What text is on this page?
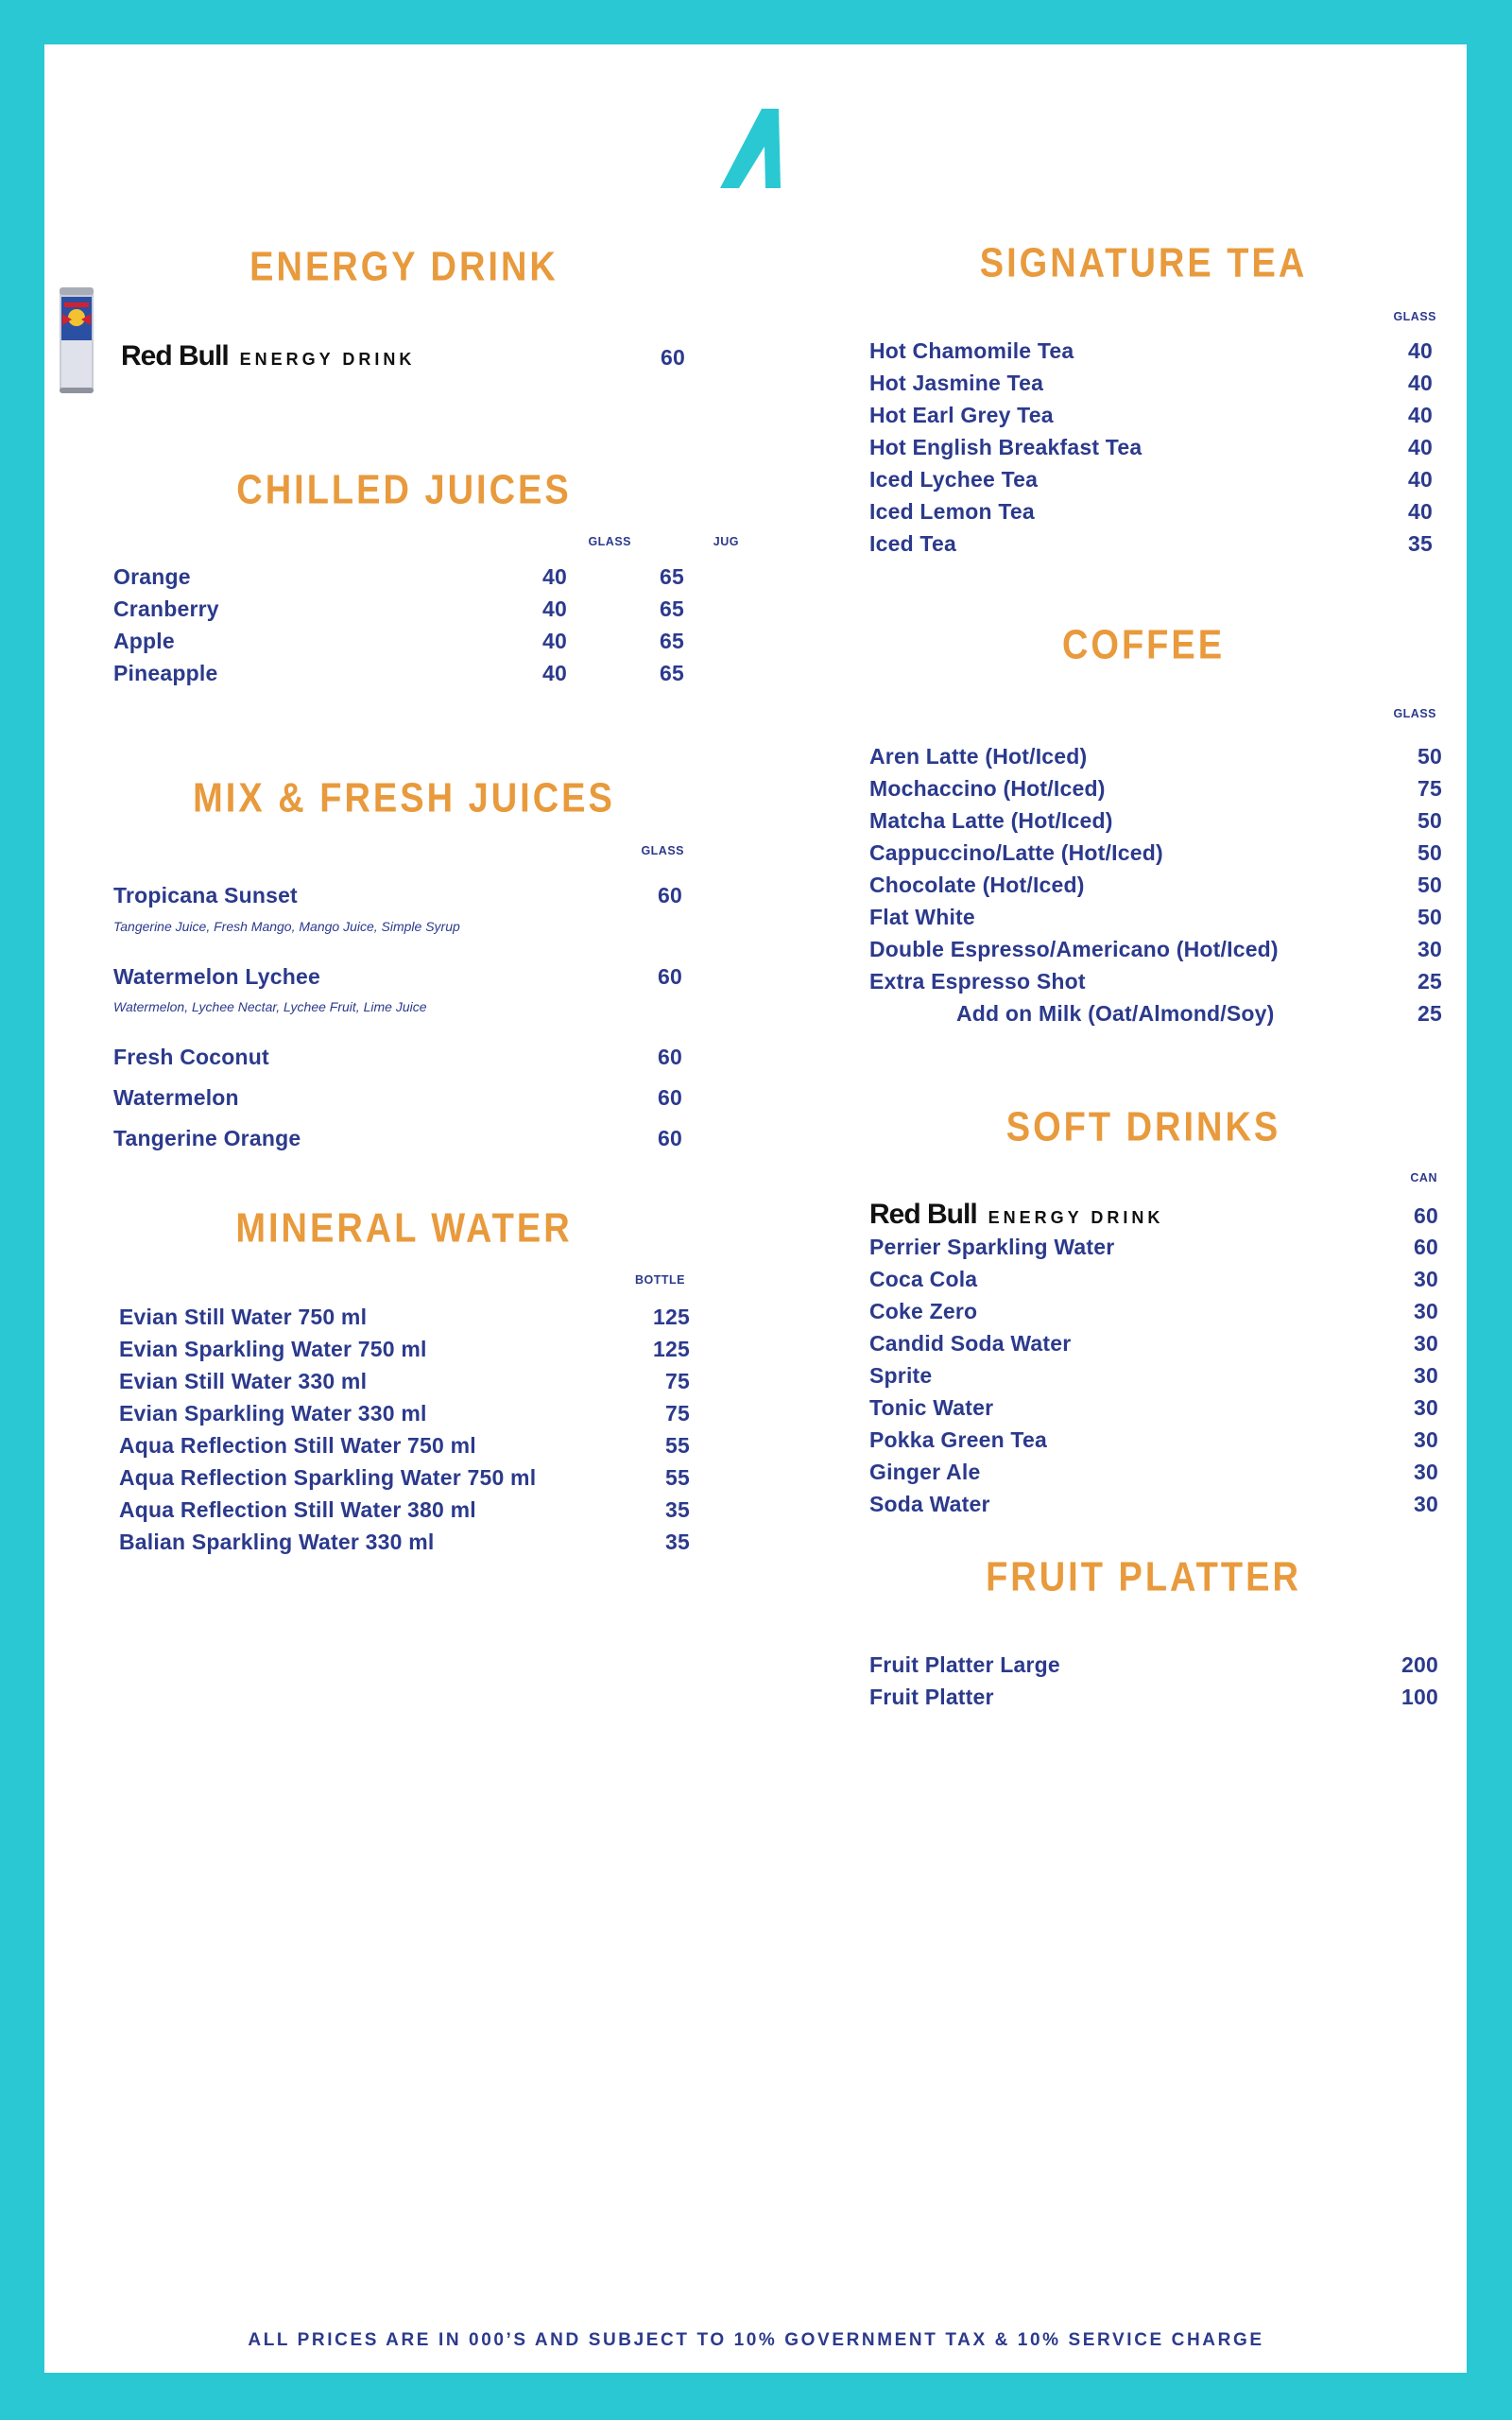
ENERGY DRINK
Red Bull ENERGY DRINK	60
CHILLED JUICES
GLASS	JUG
Orange	40	65
Cranberry	40	65
Apple	40	65
Pineapple	40	65
MIX & FRESH JUICES
GLASS
Tropicana Sunset	60
Tangerine Juice, Fresh Mango, Mango Juice, Simple Syrup
Watermelon Lychee	60
Watermelon, Lychee Nectar, Lychee Fruit, Lime Juice
Fresh Coconut	60
Watermelon	60
Tangerine Orange	60
MINERAL WATER
BOTTLE
Evian Still Water 750 ml	125
Evian Sparkling Water 750 ml	125
Evian Still Water 330 ml	75
Evian Sparkling Water 330 ml	75
Aqua Reflection Still Water 750 ml	55
Aqua Reflection Sparkling Water 750 ml	55
Aqua Reflection Still Water 380 ml	35
Balian Sparkling Water 330 ml	35
SIGNATURE TEA
GLASS
Hot Chamomile Tea	40
Hot Jasmine Tea	40
Hot Earl Grey Tea	40
Hot English Breakfast Tea	40
Iced Lychee Tea	40
Iced Lemon Tea	40
Iced Tea	35
COFFEE
GLASS
Aren Latte (Hot/Iced)	50
Mochaccino (Hot/Iced)	75
Matcha Latte (Hot/Iced)	50
Cappuccino/Latte (Hot/Iced)	50
Chocolate (Hot/Iced)	50
Flat White	50
Double Espresso/Americano (Hot/Iced)	30
Extra Espresso Shot	25
Add on Milk (Oat/Almond/Soy)	25
SOFT DRINKS
CAN
Red Bull ENERGY DRINK	60
Perrier Sparkling Water	60
Coca Cola	30
Coke Zero	30
Candid Soda Water	30
Sprite	30
Tonic Water	30
Pokka Green Tea	30
Ginger Ale	30
Soda Water	30
FRUIT PLATTER
Fruit Platter Large	200
Fruit Platter	100
ALL PRICES ARE IN 000’S AND SUBJECT TO 10% GOVERNMENT TAX & 10% SERVICE CHARGE
